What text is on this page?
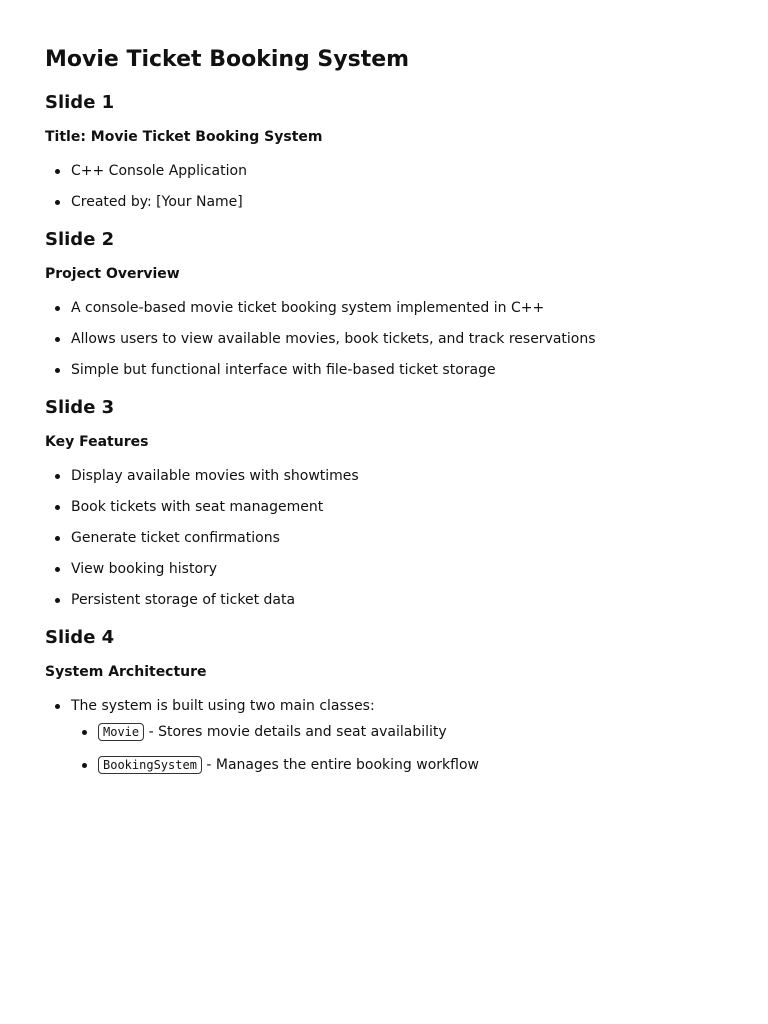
Movie Ticket Booking System
Slide 1

Title: Movie Ticket Booking System

C++ Console Application
Created by: [Your Name]
Slide 2

Project Overview

A console-based movie ticket booking system implemented in C++
Allows users to view available movies, book tickets, and track reservations
Simple but functional interface with file-based ticket storage
Slide 3

Key Features

Display available movies with showtimes
Book tickets with seat management
Generate ticket confirmations
View booking history
Persistent storage of ticket data
Slide 4

System Architecture

The system is built using two main classes:
Movie - Stores movie details and seat availability
BookingSystem - Manages the entire booking workflow
